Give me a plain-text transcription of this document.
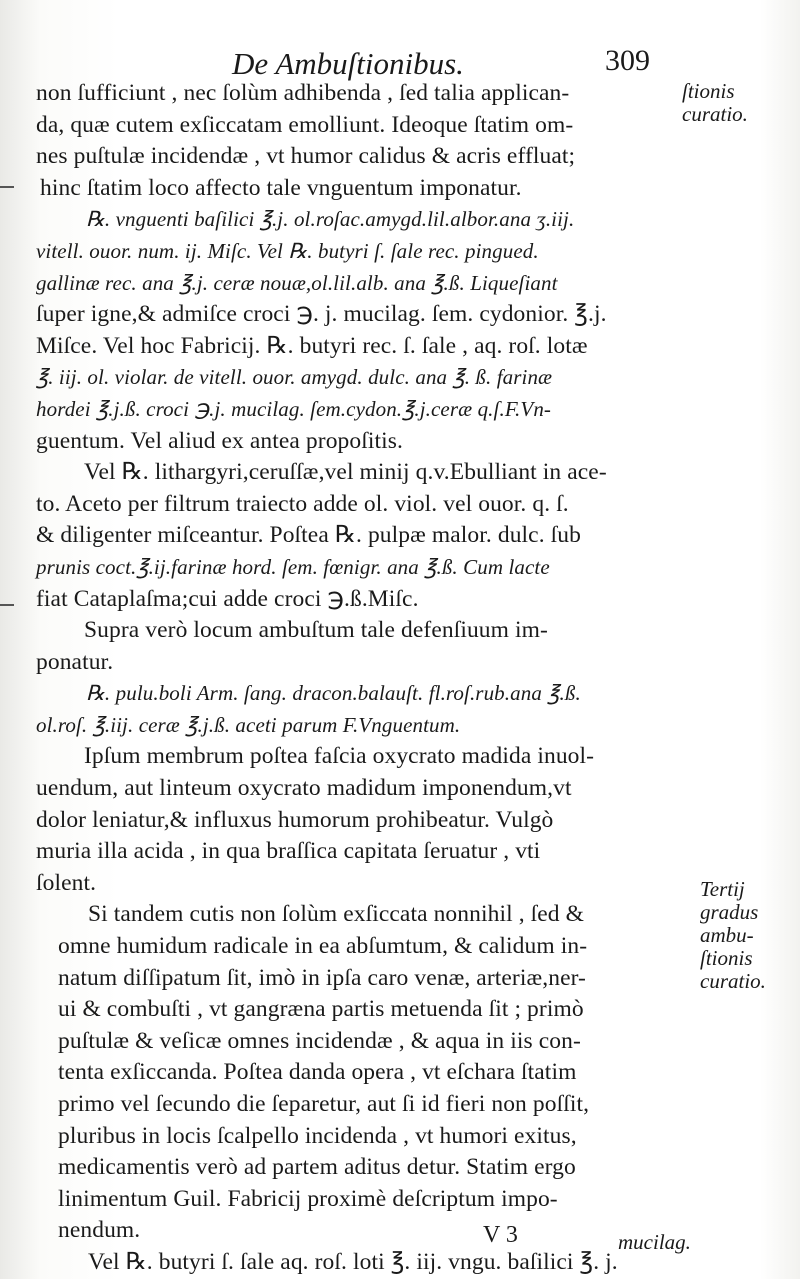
De Ambuſtionibus.	309
non ſufficiunt , nec ſolùm adhibenda , ſed talia applican-
da, quæ cutem exſiccatam emolliunt. Ideoque ſtatim om-
nes puſtulæ incidendæ , vt humor calidus & acris effluat;
hinc ſtatim loco affecto tale vnguentum imponatur.
℞. vnguenti baſilici ℥.j. ol.roſac.amygd.lil.albor.ana ʒ.iij.
vitell. ouor. num. ij. Miſc. Vel ℞. butyri ſ. ſale rec. pingued.
gallinæ rec. ana ℥.j. ceræ nouæ,ol.lil.alb. ana ℥.ß. Liqueſiant
ſuper igne,& admiſce croci ℈. j. mucilag. ſem. cydonior. ℥.j.
Miſce. Vel hoc Fabricij. ℞. butyri rec. ſ. ſale , aq. roſ. lotæ
℥. iij. ol. violar. de vitell. ouor. amygd. dulc. ana ℥. ß. farinæ
hordei ℥.j.ß. croci ℈.j. mucilag. ſem.cydon.℥.j.ceræ q.ſ.F.Vn-
guentum. Vel aliud ex antea propoſitis.
Vel ℞. lithargyri,ceruſſæ,vel minij q.v.Ebulliant in ace-
to. Aceto per filtrum traiecto adde ol. viol. vel ouor. q. ſ.
& diligenter miſceantur. Poſtea ℞. pulpæ malor. dulc. ſub
prunis coct.℥.ij.farinæ hord. ſem. fœnigr. ana ℥.ß. Cum lacte
fiat Cataplaſma;cui adde croci ℈.ß.Miſc.
Supra verò locum ambuſtum tale defenſiuum im-
ponatur.
℞. pulu.boli Arm. ſang. dracon.balauſt. fl.roſ.rub.ana ℥.ß.
ol.roſ. ℥.iij. ceræ ℥.j.ß. aceti parum F.Vnguentum.
Ipſum membrum poſtea faſcia oxycrato madida inuol-
uendum, aut linteum oxycrato madidum imponendum,vt
dolor leniatur,& influxus humorum prohibeatur. Vulgò
muria illa acida , in qua braſſica capitata ſeruatur , vti
ſolent.
Si tandem cutis non ſolùm exſiccata nonnihil , ſed &
omne humidum radicale in ea abſumtum, & calidum in-
natum diſſipatum ſit, imò in ipſa caro venæ, arteriæ,ner-
ui & combuſti , vt gangræna partis metuenda ſit ; primò
puſtulæ & veſicæ omnes incidendæ , & aqua in iis con-
tenta exſiccanda. Poſtea danda opera , vt eſchara ſtatim
primo vel ſecundo die ſeparetur, aut ſi id fieri non poſſit,
pluribus in locis ſcalpello incidenda , vt humori exitus,
medicamentis verò ad partem aditus detur. Statim ergo
linimentum Guil. Fabricij proximè deſcriptum impo-
nendum.
Vel ℞. butyri ſ. ſale aq. roſ. loti ℥. iij. vngu. baſilici ℥. j.
ſtionis
curatio.
Tertij
gradus
ambu-
ſtionis
curatio.
V 3	mucilag.
